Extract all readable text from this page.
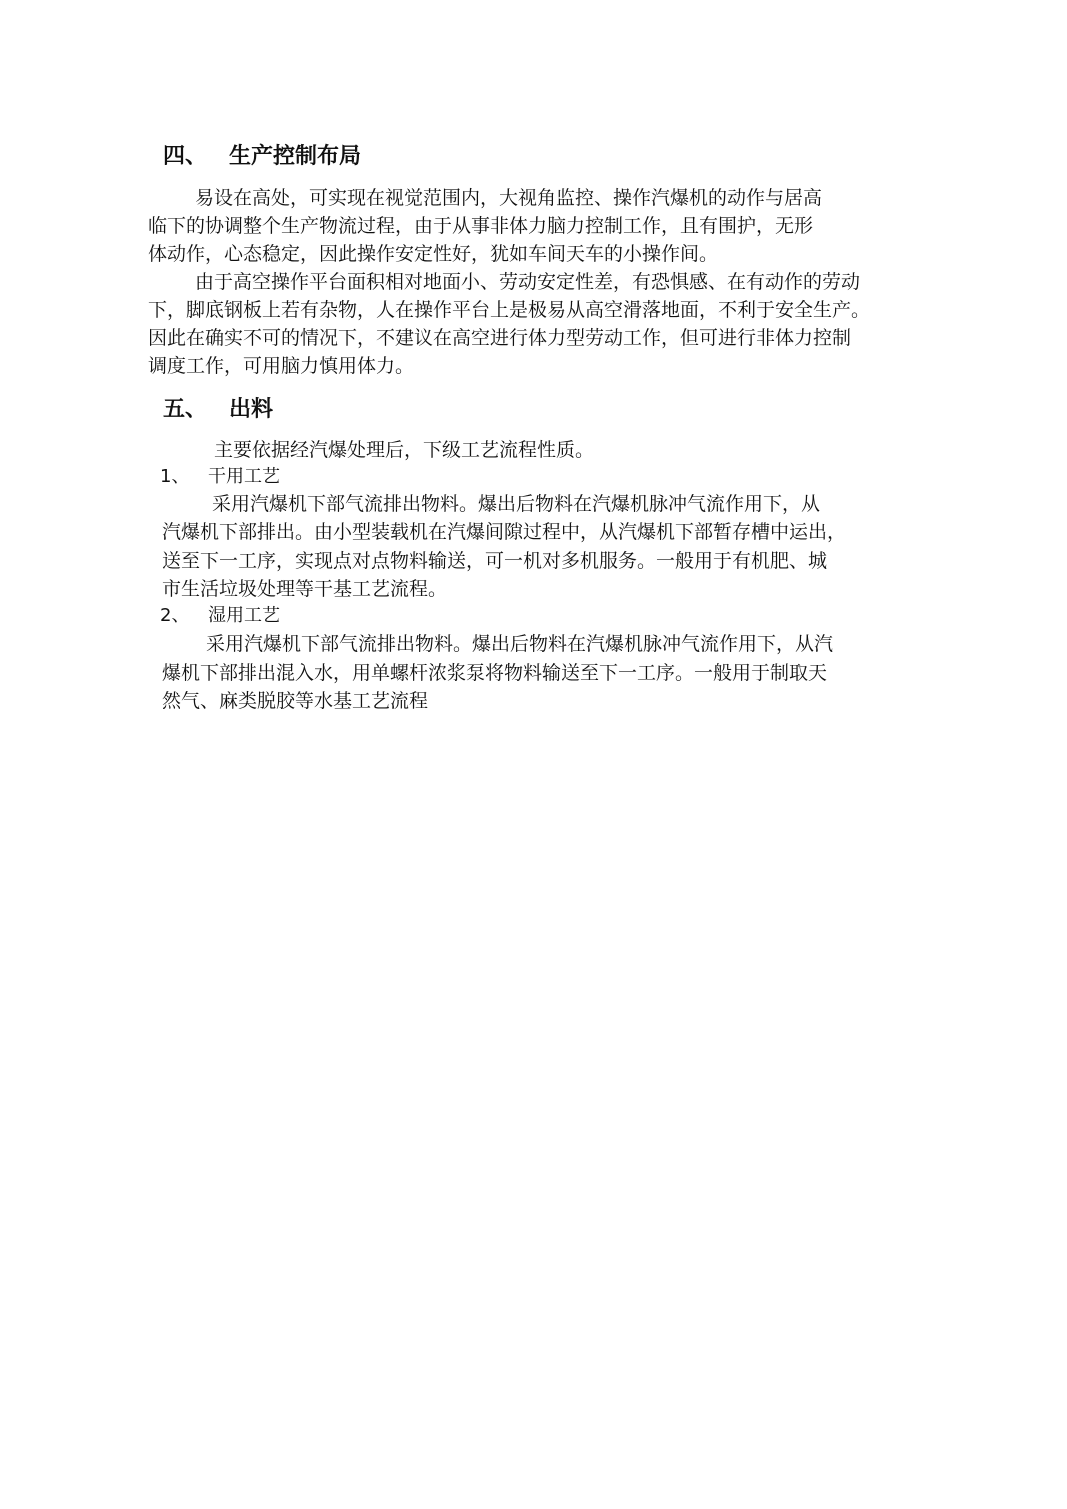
四、 生产控制布局
易设在高处，可实现在视觉范围内，大视角监控、操作汽爆机的动作与居高
临下的协调整个生产物流过程，由于从事非体力脑力控制工作，且有围护，无形
体动作，心态稳定，因此操作安定性好，犹如车间天车的小操作间。
由于高空操作平台面积相对地面小、劳动安定性差，有恐惧感、在有动作的劳动
下，脚底钢板上若有杂物，人在操作平台上是极易从高空滑落地面，不利于安全生产。
因此在确实不可的情况下，不建议在高空进行体力型劳动工作，但可进行非体力控制
调度工作，可用脑力慎用体力。
五、 出料
主要依据经汽爆处理后，下级工艺流程性质。
1、 干用工艺
采用汽爆机下部气流排出物料。爆出后物料在汽爆机脉冲气流作用下，从
汽爆机下部排出。由小型装载机在汽爆间隙过程中，从汽爆机下部暂存槽中运出，
送至下一工序，实现点对点物料输送，可一机对多机服务。一般用于有机肥、城
市生活垃圾处理等干基工艺流程。
2、 湿用工艺
采用汽爆机下部气流排出物料。爆出后物料在汽爆机脉冲气流作用下，从汽
爆机下部排出混入水，用单螺杆浓浆泵将物料输送至下一工序。一般用于制取天
然气、麻类脱胶等水基工艺流程
